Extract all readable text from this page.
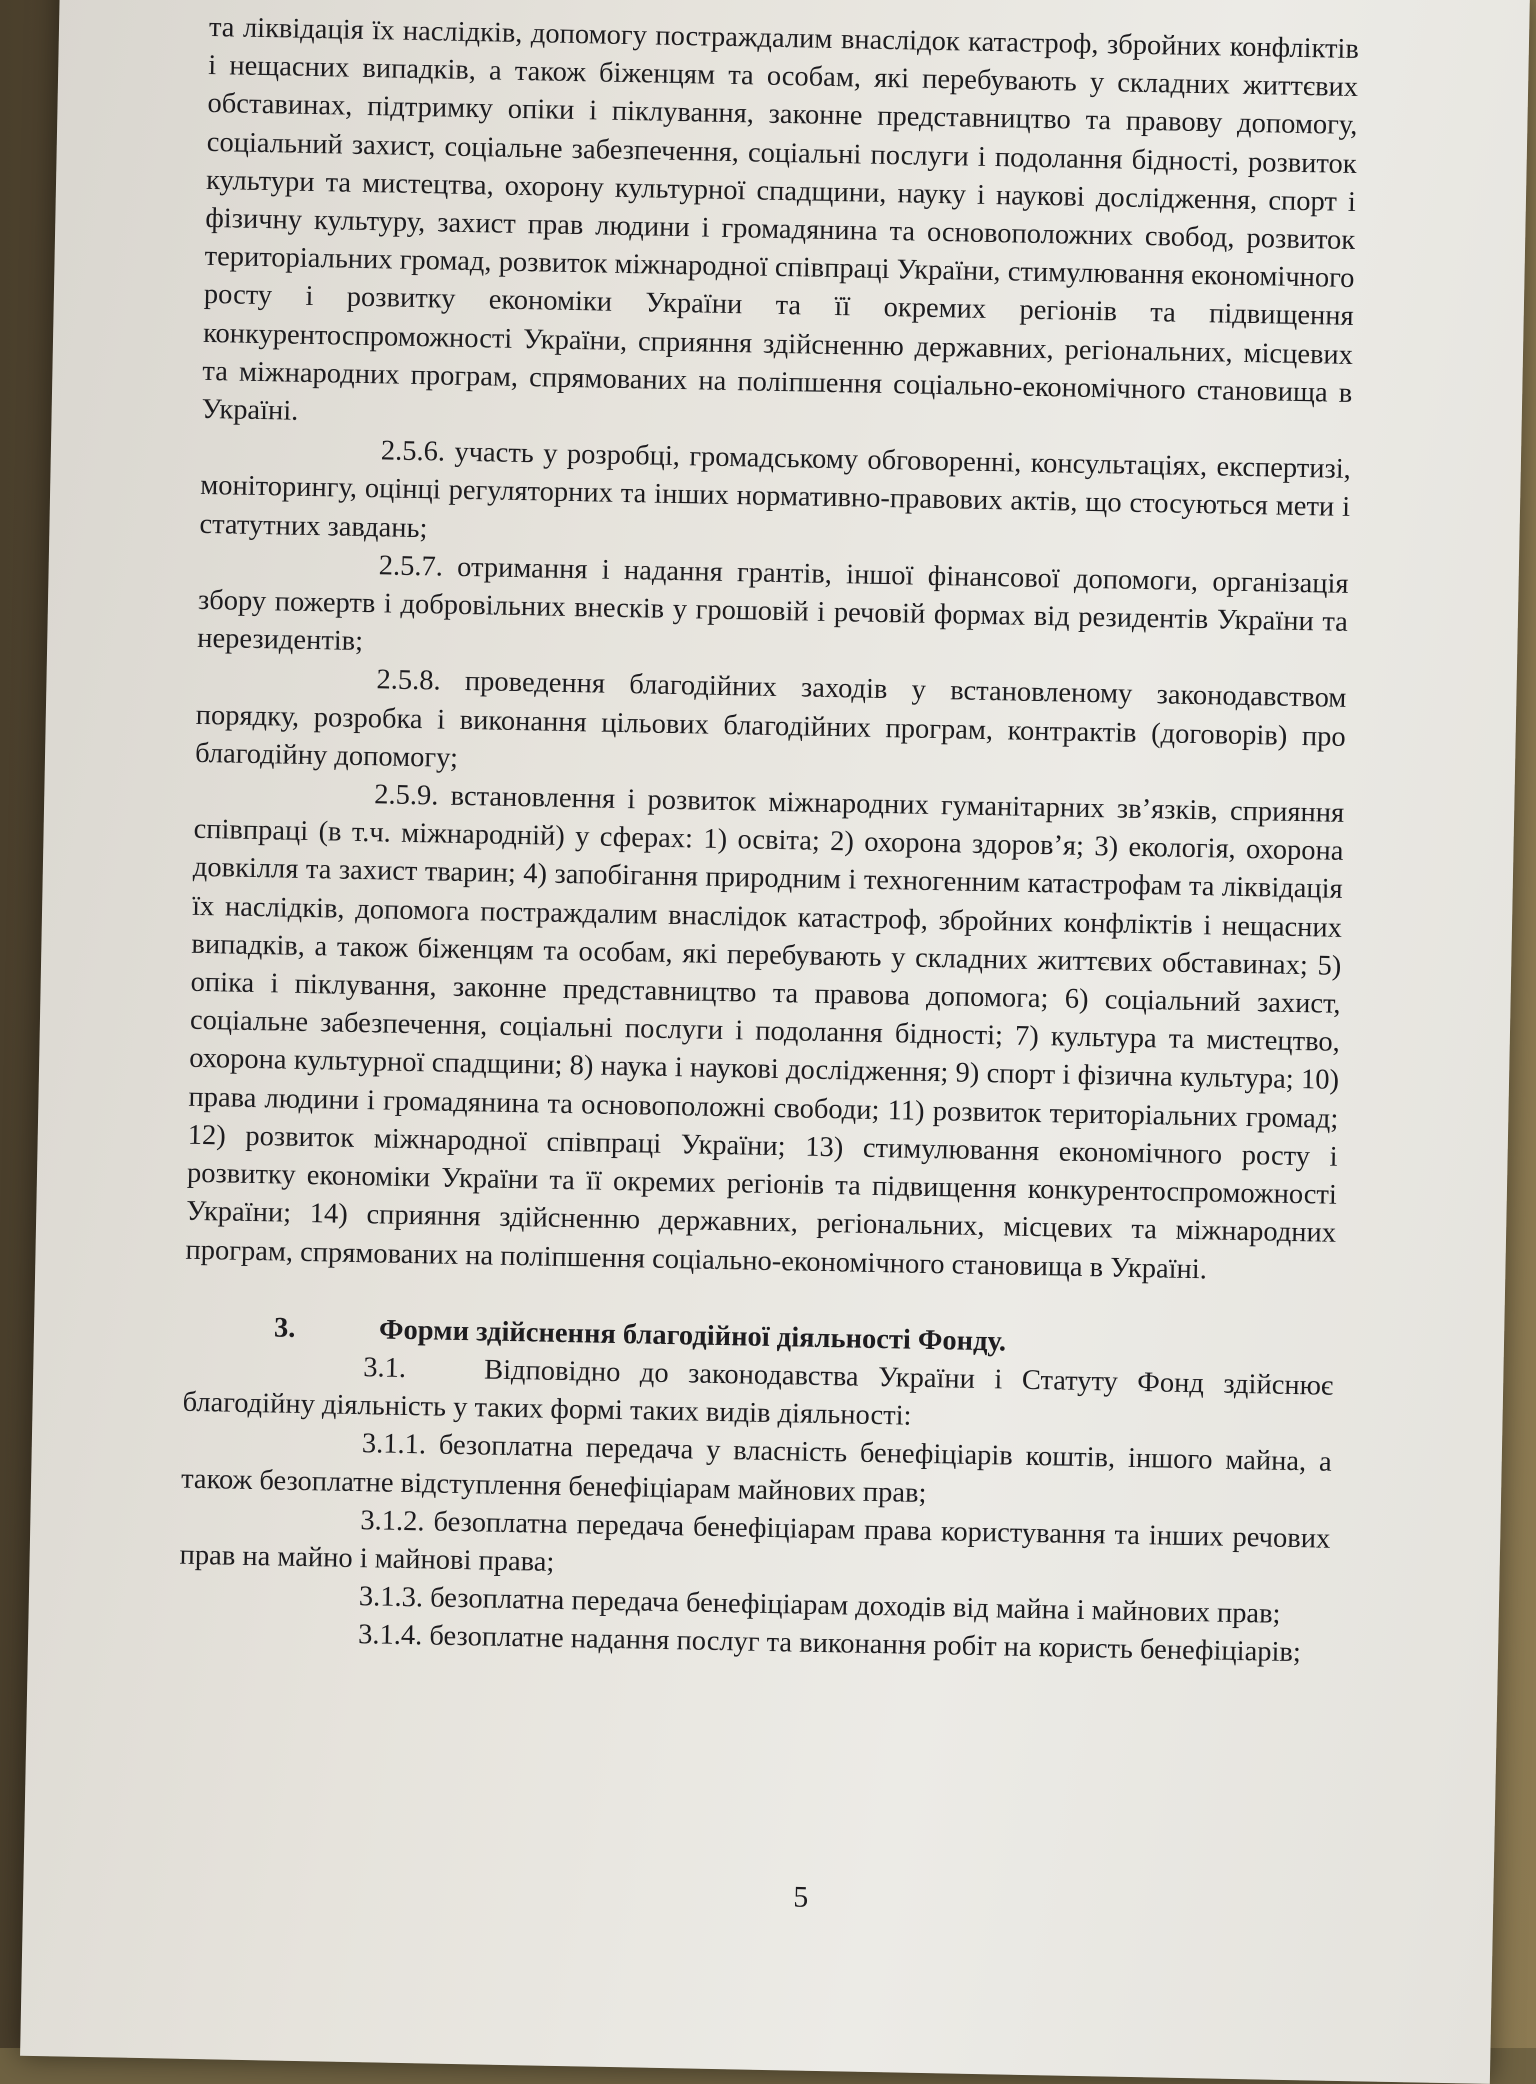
та ліквідація їх наслідків, допомогу постраждалим внаслідок катастроф, збройних конфліктів і нещасних випадків, а також біженцям та особам, які перебувають у складних життєвих обставинах, підтримку опіки і піклування, законне представництво та правову допомогу, соціальний захист, соціальне забезпечення, соціальні послуги і подолання бідності, розвиток культури та мистецтва, охорону культурної спадщини, науку і наукові дослідження, спорт і фізичну культуру, захист прав людини і громадянина та основоположних свобод, розвиток територіальних громад, розвиток міжнародної співпраці України, стимулювання економічного росту і розвитку економіки України та її окремих регіонів та підвищення конкурентоспроможності України, сприяння здійсненню державних, регіональних, місцевих та міжнародних програм, спрямованих на поліпшення соціально-економічного становища в Україні.

2.5.6. участь у розробці, громадському обговоренні, консультаціях, експертизі, моніторингу, оцінці регуляторних та інших нормативно-правових актів, що стосуються мети і статутних завдань;

2.5.7. отримання і надання грантів, іншої фінансової допомоги, організація збору пожертв і добровільних внесків у грошовій і речовій формах від резидентів України та нерезидентів;

2.5.8. проведення благодійних заходів у встановленому законодавством порядку, розробка і виконання цільових благодійних програм, контрактів (договорів) про благодійну допомогу;

2.5.9. встановлення і розвиток міжнародних гуманітарних зв’язків, сприяння співпраці (в т.ч. міжнародній) у сферах: 1) освіта; 2) охорона здоров’я; 3) екологія, охорона довкілля та захист тварин; 4) запобігання природним і техногенним катастрофам та ліквідація їх наслідків, допомога постраждалим внаслідок катастроф, збройних конфліктів і нещасних випадків, а також біженцям та особам, які перебувають у складних життєвих обставинах; 5) опіка і піклування, законне представництво та правова допомога; 6) соціальний захист, соціальне забезпечення, соціальні послуги і подолання бідності; 7) культура та мистецтво, охорона культурної спадщини; 8) наука і наукові дослідження; 9) спорт і фізична культура; 10) права людини і громадянина та основоположні свободи; 11) розвиток територіальних громад; 12) розвиток міжнародної співпраці України; 13) стимулювання економічного росту і розвитку економіки України та її окремих регіонів та підвищення конкурентоспроможності України; 14) сприяння здійсненню державних, регіональних, місцевих та міжнародних програм, спрямованих на поліпшення соціально-економічного становища в Україні.

3.	Форми здійснення благодійної діяльності Фонду.

3.1.	Відповідно до законодавства України і Статуту Фонд здійснює благодійну діяльність у таких формі таких видів діяльності:

3.1.1. безоплатна передача у власність бенефіціарів коштів, іншого майна, а також безоплатне відступлення бенефіціарам майнових прав;

3.1.2. безоплатна передача бенефіціарам права користування та інших речових прав на майно і майнові права;

3.1.3. безоплатна передача бенефіціарам доходів від майна і майнових прав;

3.1.4. безоплатне надання послуг та виконання робіт на користь бенефіціарів;

5
